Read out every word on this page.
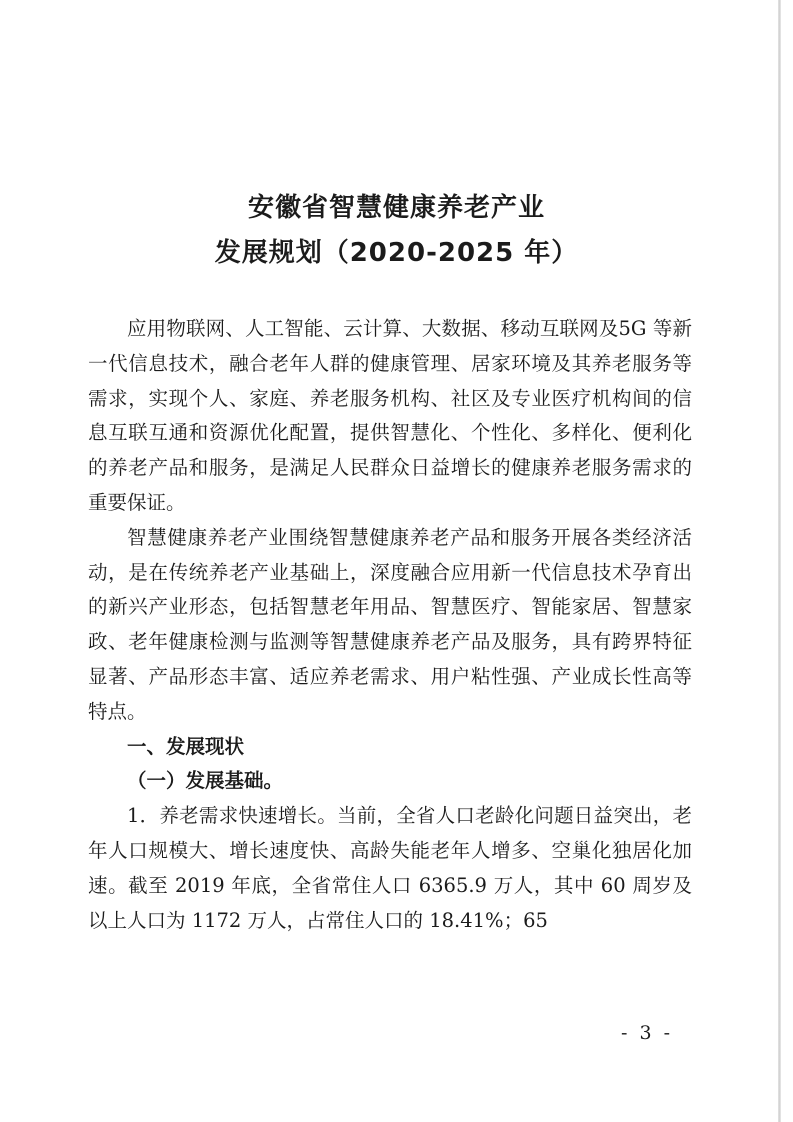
安徽省智慧健康养老产业
发展规划（2020-2025 年）

应用物联网、人工智能、云计算、大数据、移动互联网及5G 等新一代信息技术，融合老年人群的健康管理、居家环境及其养老服务等需求，实现个人、家庭、养老服务机构、社区及专业医疗机构间的信息互联互通和资源优化配置，提供智慧化、个性化、多样化、便利化的养老产品和服务，是满足人民群众日益增长的健康养老服务需求的重要保证。

智慧健康养老产业围绕智慧健康养老产品和服务开展各类经济活动，是在传统养老产业基础上，深度融合应用新一代信息技术孕育出的新兴产业形态，包括智慧老年用品、智慧医疗、智能家居、智慧家政、老年健康检测与监测等智慧健康养老产品及服务，具有跨界特征显著、产品形态丰富、适应养老需求、用户粘性强、产业成长性高等特点。

一、发展现状

（一）发展基础。

1．养老需求快速增长。当前，全省人口老龄化问题日益突出，老年人口规模大、增长速度快、高龄失能老年人增多、空巢化独居化加速。截至 2019 年底，全省常住人口 6365.9 万人，其中 60 周岁及以上人口为 1172 万人，占常住人口的 18.41%；65

- 3 -
